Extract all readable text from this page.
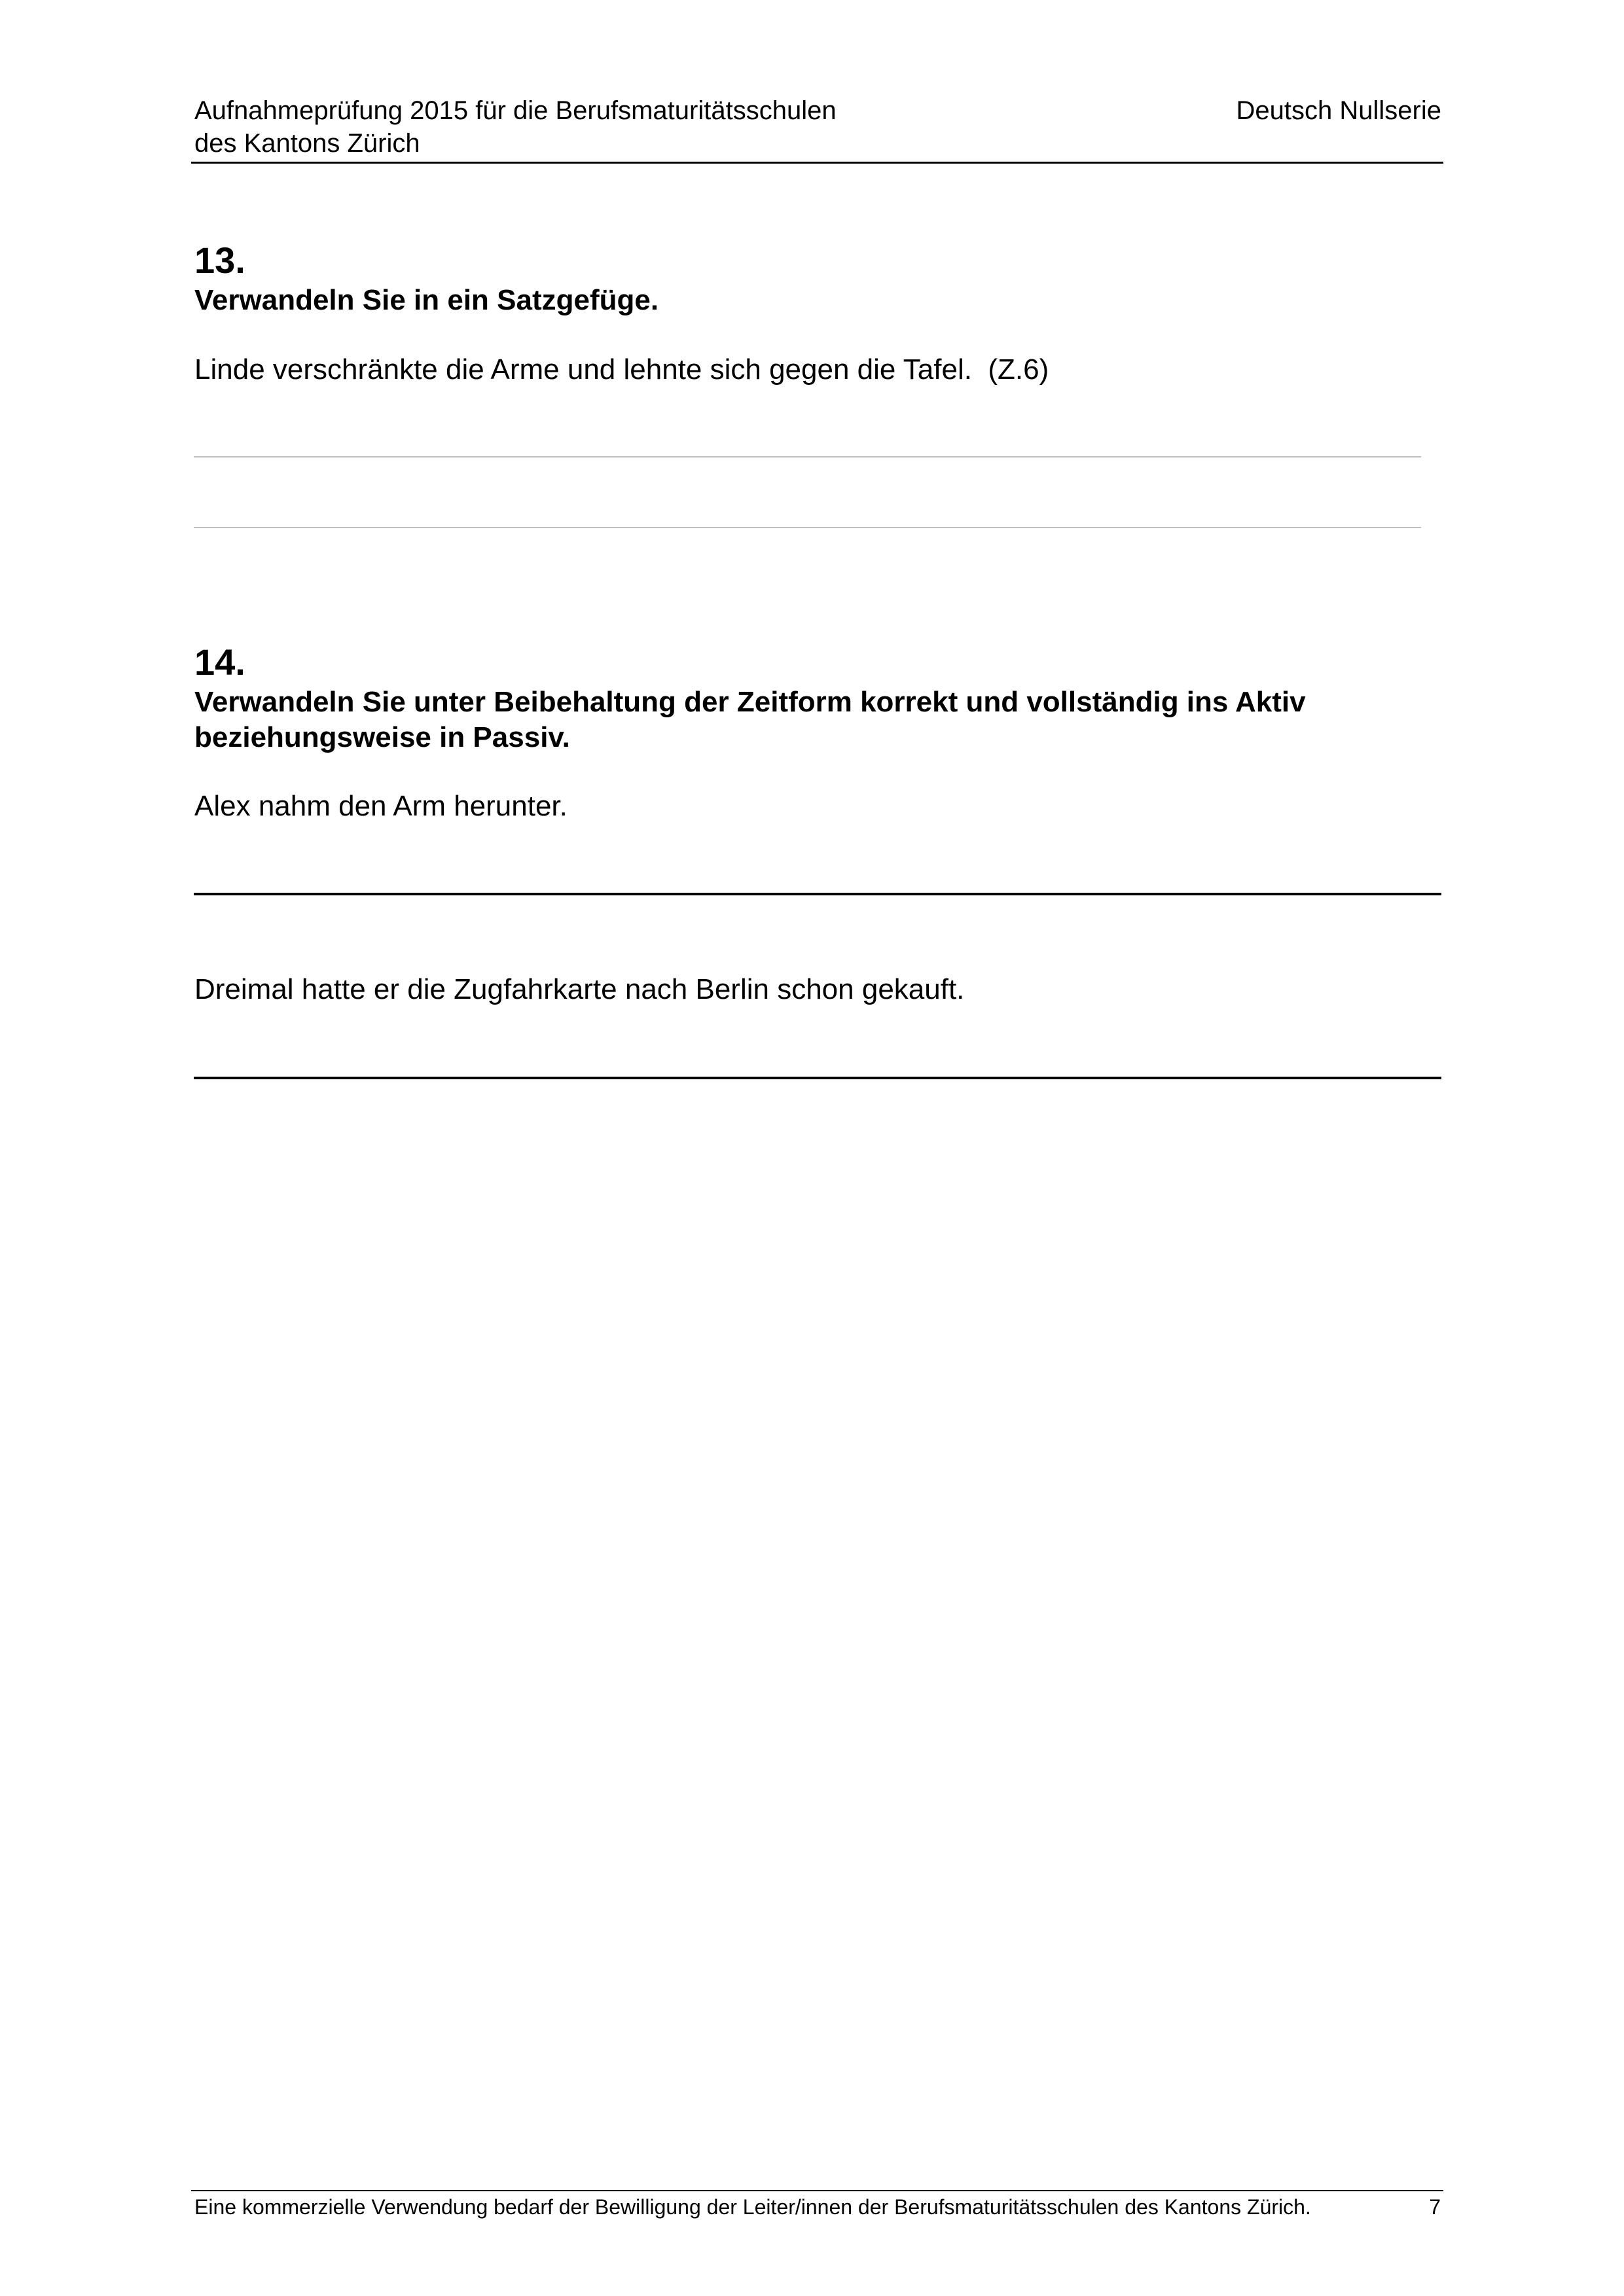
Aufnahmeprüfung 2015 für die Berufsmaturitätsschulen
des Kantons Zürich
Deutsch Nullserie
13.
Verwandeln Sie in ein Satzgefüge.
Linde verschränkte die Arme und lehnte sich gegen die Tafel.  (Z.6)
14.
Verwandeln Sie unter Beibehaltung der Zeitform korrekt und vollständig ins Aktiv beziehungsweise in Passiv.
Alex nahm den Arm herunter.
Dreimal hatte er die Zugfahrkarte nach Berlin schon gekauft.
Eine kommerzielle Verwendung bedarf der Bewilligung der Leiter/innen der Berufsmaturitätsschulen des Kantons Zürich.	7
